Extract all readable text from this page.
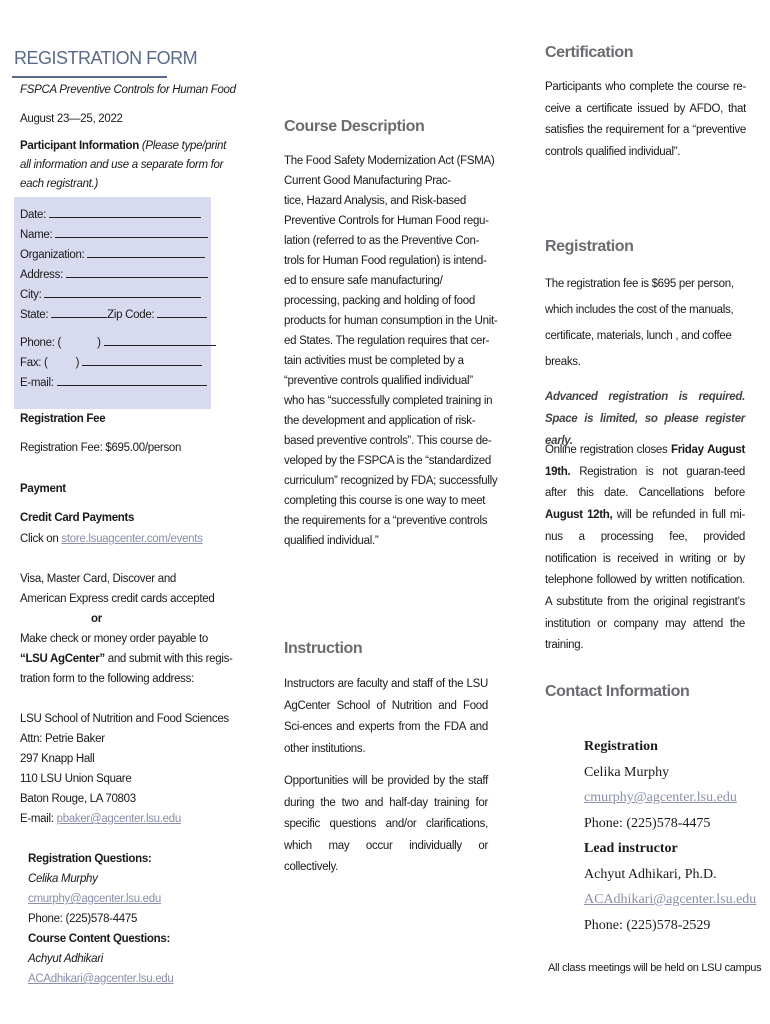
REGISTRATION FORM
FSPCA Preventive Controls for Human Food
August 23—25, 2022
Participant Information (Please type/print
all information and use a separate form for
each registrant.)
Date:
Name:
Organization:
Address:
City:
State:	Zip Code:
Phone: (	)
Fax: ( )
E-mail:
Registration Fee
Registration Fee: $695.00/person
Payment
Credit Card Payments
Click on store.lsuagcenter.com/events
Visa, Master Card, Discover and
American Express credit cards accepted
or
Make check or money order payable to
“LSU AgCenter” and submit with this regis-
tration form to the following address:
LSU School of Nutrition and Food Sciences
Attn: Petrie Baker
297 Knapp Hall
110 LSU Union Square
Baton Rouge, LA 70803
E-mail: pbaker@agcenter.lsu.edu
Registration Questions:
Celika Murphy
cmurphy@agcenter.lsu.edu
Phone: (225)578-4475
Course Content Questions:
Achyut Adhikari
ACAdhikari@agcenter.lsu.edu
Course Description
The Food Safety Modernization Act (FSMA)
Current Good Manufacturing Prac-
tice, Hazard Analysis, and Risk-based
Preventive Controls for Human Food regu-
lation (referred to as the Preventive Con-
trols for Human Food regulation) is intend-
ed to ensure safe manufacturing/
processing, packing and holding of food
products for human consumption in the Unit-
ed States. The regulation requires that cer-
tain activities must be completed by a
“preventive controls qualified individual”
who has “successfully completed training in
the development and application of risk-
based preventive controls”. This course de-
veloped by the FSPCA is the “standardized
curriculum” recognized by FDA; successfully
completing this course is one way to meet
the requirements for a “preventive controls
qualified individual.”
Instruction
Instructors are faculty and staff of the LSU AgCenter School of Nutrition and Food Sci-ences and experts from the FDA and other institutions.
Opportunities will be provided by the staff during the two and half-day training for specific questions and/or clarifications, which may occur individually or collectively.
Certification
Participants who complete the course re-ceive a certificate issued by AFDO, that satisfies the requirement for a “preventive controls qualified individual”.
Registration
The registration fee is $695 per person,
which includes the cost of the manuals,
certificate, materials, lunch , and coffee
breaks.
Advanced registration is required. Space is limited, so please register early.
Online registration closes Friday August 19th. Registration is not guaran-teed after this date. Cancellations before August 12th, will be refunded in full mi-nus a processing fee, provided notification is received in writing or by telephone followed by written notification. A substitute from the original registrant’s institution or company may attend the training.
Contact Information
Registration
Celika Murphy
cmurphy@agcenter.lsu.edu
Phone: (225)578-4475
Lead instructor
Achyut Adhikari, Ph.D.
ACAdhikari@agcenter.lsu.edu
Phone: (225)578-2529
All class meetings will be held on LSU campus
